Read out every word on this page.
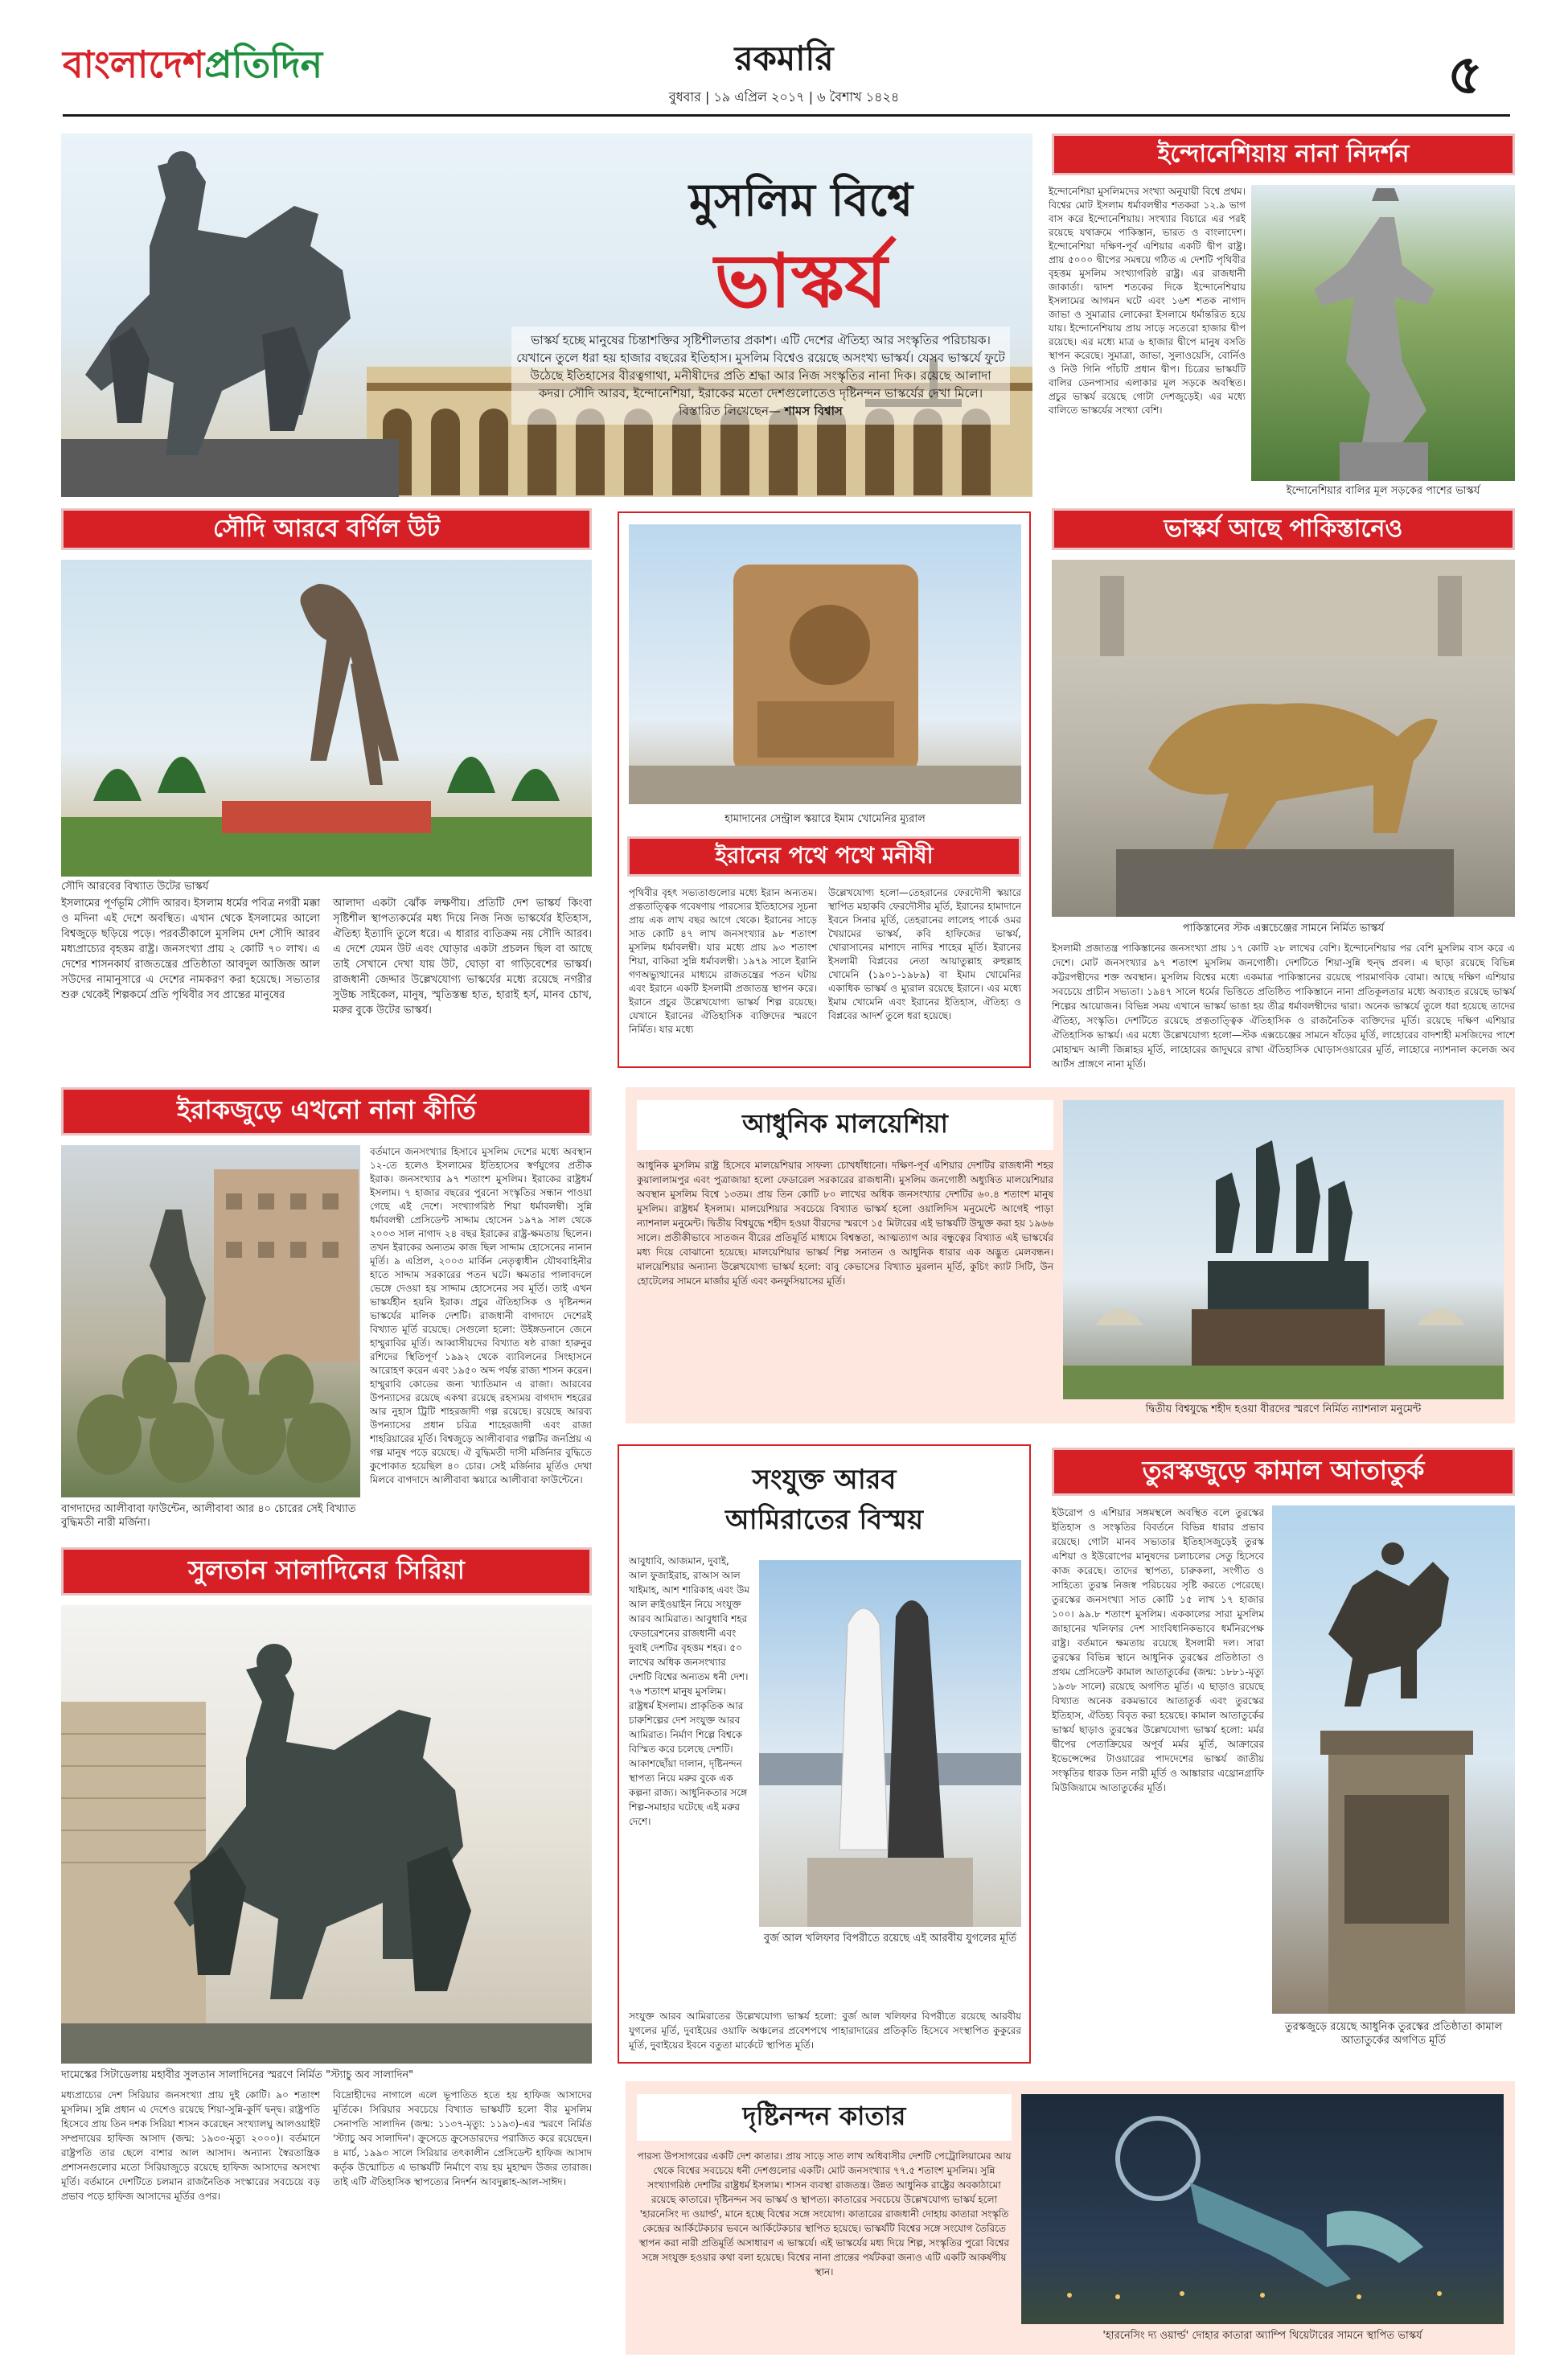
বাংলাদেশপ্রতিদিন	রকমারি
বুধবার | ১৯ এপ্রিল ২০১৭ | ৬ বৈশাখ ১৪২৪	৫
মুসলিম বিশ্বে
ভাস্কর্য
ভাস্কর্য হচ্ছে মানুষের চিন্তাশক্তির সৃষ্টিশীলতার প্রকাশ। এটি দেশের ঐতিহ্য আর সংস্কৃতির পরিচায়ক। যেখানে তুলে ধরা হয় হাজার বছরের ইতিহাস। মুসলিম বিশ্বেও রয়েছে অসংখ্য ভাস্কর্য। যেসব ভাস্কর্যে ফুটে উঠেছে ইতিহাসের বীরত্বগাথা, মনীষীদের প্রতি শ্রদ্ধা আর নিজ সংস্কৃতির নানা দিক। রয়েছে আলাদা কদর। সৌদি আরব, ইন্দোনেশিয়া, ইরাকের মতো দেশগুলোতেও দৃষ্টিনন্দন ভাস্কর্যের দেখা মিলে। বিস্তারিত লিখেছেন— শামস বিশ্বাস
ইন্দোনেশিয়ায় নানা নিদর্শন
ইন্দোনেশিয়া মুসলিমদের সংখ্যা অনুযায়ী বিশ্বে প্রথম। বিশ্বের মোট ইসলাম ধর্মাবলম্বীর শতকরা ১২.৯ ভাগ বাস করে ইন্দোনেশিয়ায়। সংখ্যার বিচারে এর পরই রয়েছে যথাক্রমে পাকিস্তান, ভারত ও বাংলাদেশ। ইন্দোনেশিয়া দক্ষিণ-পূর্ব এশিয়ার একটি দ্বীপ রাষ্ট্র। প্রায় ৫০০০ দ্বীপের সমন্বয়ে গঠিত এ দেশটি পৃথিবীর বৃহত্তম মুসলিম সংখ্যাগরিষ্ঠ রাষ্ট্র। এর রাজধানী জাকার্তা। দ্বাদশ শতকের দিকে ইন্দোনেশিয়ায় ইসলামের আগমন ঘটে এবং ১৬শ শতক নাগাদ জাভা ও সুমাত্রার লোকেরা ইসলামে ধর্মান্তরিত হয়ে যায়। ইন্দোনেশিয়ায় প্রায় সাড়ে সতেরো হাজার দ্বীপ রয়েছে। এর মধ্যে মাত্র ৬ হাজার দ্বীপে মানুষ বসতি স্থাপন করেছে। সুমাত্রা, জাভা, সুলাওয়েসি, বোর্নিও ও নিউ গিনি পাঁচটি প্রধান দ্বীপ। চিত্রের ভাস্কর্যটি বালির ডেনপাসার এলাকার মূল সড়কে অবস্থিত। প্রচুর ভাস্কর্য রয়েছে গোটা দেশজুড়েই। এর মধ্যে বালিতে ভাস্কর্যের সংখ্যা বেশি।
ইন্দোনেশিয়ার বালির মূল সড়কের পাশের ভাস্কর্য
সৌদি আরবে বর্ণিল উট
সৌদি আরবের বিখ্যাত উটের ভাস্কর্য
ইসলামের পূর্ণভূমি সৌদি আরব। ইসলাম ধর্মের পবিত্র নগরী মক্কা ও মদিনা এই দেশে অবস্থিত। এখান থেকে ইসলামের আলো বিশ্বজুড়ে ছড়িয়ে পড়ে। পরবর্তীকালে মুসলিম দেশ সৌদি আরব মধ্যপ্রাচ্যের বৃহত্তম রাষ্ট্র। জনসংখ্যা প্রায় ২ কোটি ৭০ লাখ। এ দেশের শাসনকার্য রাজতন্ত্রের প্রতিষ্ঠাতা আবদুল আজিজ আল সউদের নামানুসারে এ দেশের নামকরণ করা হয়েছে। সভ্যতার শুরু থেকেই শিল্পকর্মে প্রতি পৃথিবীর সব প্রান্তের মানুষের
আলাদা একটা ঝোঁক লক্ষণীয়। প্রতিটি দেশ ভাস্কর্য কিংবা সৃষ্টিশীল স্থাপত্যকর্মের মধ্য দিয়ে নিজ নিজ ভাস্কর্যের ইতিহাস, ঐতিহ্য ইত্যাদি তুলে ধরে। এ ধারার ব্যতিক্রম নয় সৌদি আরব। এ দেশে যেমন উট এবং ঘোড়ার একটা প্রচলন ছিল বা আছে তাই সেখানে দেখা যায় উট, ঘোড়া বা গাড়িবেশের ভাস্কর্য। রাজধানী জেদ্দার উল্লেখযোগ্য ভাস্কর্যের মধ্যে রয়েছে নগরীর সুউচ্চ সাইকেল, মানুষ, স্মৃতিস্তম্ভ হাত, হারাই হর্স, মানব চোখ, মরুর বুকে উটের ভাস্কর্য।
হামাদানের সেন্ট্রাল স্কয়ারে ইমাম খোমেনির ম্যুরাল
ইরানের পথে পথে মনীষী
পৃথিবীর বৃহৎ সভ্যতাগুলোর মধ্যে ইরান অন্যতম। প্রত্নতাত্ত্বিক গবেষণায় পারস্যের ইতিহাসের সূচনা প্রায় এক লাখ বছর আগে থেকে। ইরানের সাড়ে সাত কোটি ৪৭ লাখ জনসংখ্যার ৯৮ শতাংশ মুসলিম ধর্মাবলম্বী। যার মধ্যে প্রায় ৯৩ শতাংশ শিয়া, বাকিরা সুন্নি ধর্মাবলম্বী। ১৯৭৯ সালে ইরানি গণঅভ্যুত্থানের মাধ্যমে রাজতন্ত্রের পতন ঘটায় এবং ইরানে একটি ইসলামী প্রজাতন্ত্র স্থাপন করে। ইরানে প্রচুর উল্লেখযোগ্য ভাস্কর্য শিল্প রয়েছে। যেখানে ইরানের ঐতিহাসিক ব্যক্তিদের স্মরণে নির্মিত। যার মধ্যে
উল্লেখযোগ্য হলো—তেহরানের ফেরদৌসী স্কয়ারে স্থাপিত মহাকবি ফেরদৌসীর মূর্তি, ইরানের হামাদানে ইবনে সিনার মূর্তি, তেহরানের লালেহ পার্কে ওমর খৈয়ামের ভাস্কর্য, কবি হাফিজের ভাস্কর্য, খোরাসানের মাশাদে নাদির শাহের মূর্তি। ইরানের ইসলামী বিপ্লবের নেতা আয়াতুল্লাহ রুহুল্লাহ খোমেনি (১৯০১-১৯৮৯) বা ইমাম খোমেনির একাধিক ভাস্কর্য ও ম্যুরাল রয়েছে ইরানে। এর মধ্যে ইমাম খোমেনি এবং ইরানের ইতিহাস, ঐতিহ্য ও বিপ্লবের আদর্শ তুলে ধরা হয়েছে।
ভাস্কর্য আছে পাকিস্তানেও
পাকিস্তানের স্টক এক্সচেঞ্জের সামনে নির্মিত ভাস্কর্য
ইসলামী প্রজাতন্ত্র পাকিস্তানের জনসংখ্যা প্রায় ১৭ কোটি ২৮ লাখের বেশি। ইন্দোনেশিয়ার পর বেশি মুসলিম বাস করে এ দেশে। মোট জনসংখ্যার ৯৭ শতাংশ মুসলিম জনগোষ্ঠী। দেশটিতে শিয়া-সুন্নি হুন্দ্ব প্রবল। এ ছাড়া রয়েছে বিভিন্ন কট্টরপন্থীদের শক্ত অবস্থান। মুসলিম বিশ্বের মধ্যে একমাত্র পাকিস্তানের রয়েছে পারমাণবিক বোমা। আছে দক্ষিণ এশিয়ার সবচেয়ে প্রাচীন সভ্যতা। ১৯৪৭ সালে ধর্মের ভিত্তিতে প্রতিষ্ঠিত পাকিস্তানে নানা প্রতিকূলতার মধ্যে অব্যাহত রয়েছে ভাস্কর্য শিল্পের আয়োজন। বিভিন্ন সময় এখানে ভাস্কর্য ভাঙা হয় তীব্র ধর্মাবলম্বীদের দ্বারা। অনেক ভাস্কর্যে তুলে ধরা হয়েছে তাদের ঐতিহ্য, সংস্কৃতি। দেশটিতে রয়েছে প্রত্নতাত্ত্বিক ঐতিহাসিক ও রাজনৈতিক ব্যক্তিদের মূর্তি। রয়েছে দক্ষিণ এশিয়ার ঐতিহাসিক ভাস্কর্য। এর মধ্যে উল্লেখযোগ্য হলো—স্টক এক্সচেঞ্জের সামনে ষাঁড়ের মূর্তি, লাহোরের বাদশাহী মসজিদের পাশে মোহাম্মদ আলী জিন্নাহর মূর্তি, লাহোরের জাদুঘরে রাখা ঐতিহাসিক ঘোড়াসওয়ারের মূর্তি, লাহোরে ন্যাশনাল কলেজ অব আর্টস প্রাঙ্গণে নানা মূর্তি।
ইরাকজুড়ে এখনো নানা কীর্তি
বাগদাদের আলীবাবা ফাউন্টেন, আলীবাবা আর ৪০ চোরের সেই বিখ্যাত বুদ্ধিমতী নারী মর্জিনা।
বর্তমানে জনসংখ্যার হিসাবে মুসলিম দেশের মধ্যে অবস্থান ১২-তে হলেও ইসলামের ইতিহাসের স্বর্ণযুগের প্রতীক ইরাক। জনসংখ্যার ৯৭ শতাংশ মুসলিম। ইরাকের রাষ্ট্রধর্ম ইসলাম। ৭ হাজার বছরের পুরনো সংস্কৃতির সন্ধান পাওয়া গেছে এই দেশে। সংখ্যাগরিষ্ঠ শিয়া ধর্মাবলম্বী। সুন্নি ধর্মাবলম্বী প্রেসিডেন্ট সাদ্দাম হোসেন ১৯৭৯ সাল থেকে ২০০৩ সাল নাগাদ ২৪ বছর ইরাকের রাষ্ট্র-ক্ষমতায় ছিলেন। তখন ইরাকের অন্যতম কাজ ছিল সাদ্দাম হোসেনের নানান মূর্তি। ৯ এপ্রিল, ২০০৩ মার্কিন নেতৃত্বাধীন যৌথবাহিনীর হাতে সাদ্দাম সরকারের পতন ঘটে। ক্ষমতার পালাবদলে ভেঙ্গে দেওয়া হয় সাদ্দাম হোসেনের সব মূর্তি। তাই এখন ভাস্কর্যহীন হয়নি ইরাক। প্রচুর ঐতিহাসিক ও দৃষ্টিনন্দন ভাস্কর্যের মালিক দেশটি। রাজধানী বাগদাদে দেশেরই বিখ্যাত মূর্তি রয়েছে। সেগুলো হলো: উইঙ্গডনানে জেনে হাম্মুরাবির মূর্তি। আব্বাসীয়দের বিখ্যাত ষষ্ঠ রাজা হারুনুর রশিদের স্থিতিপূর্ণ ১৯৯২ থেকে ব্যাবিলনের সিংহাসনে আরোহণ করেন এবং ১৯৫০ অব্দ পর্যন্ত রাজ্য শাসন করেন। হাম্মুরাবি কোডের জন্য খ্যাতিমান এ রাজা। আরবের উপন্যাসের রয়েছে একথা রয়েছে রহস্যময় বাগদাদ শহরের আর নুহাস ট্রিটি শাহরজাদী গল্প রয়েছে। রয়েছে আরব্য উপন্যাসের প্রধান চরিত্র শাহেরজাদী এবং রাজা শাহরিয়ারের মূর্তি। বিশ্বজুড়ে আলীবাবার গল্পটির জনপ্রিয় এ গল্প মানুষ পড়ে রয়েছে। ঐ বুদ্ধিমতী দাসী মর্জিনার বুদ্ধিতে কুপোকাত হয়েছিল ৪০ চোর। সেই মর্জিনার মূর্তিও দেখা মিলবে বাগদাদে আলীবাবা স্কয়ারে আলীবাবা ফাউন্টেনে।
আধুনিক মালয়েশিয়া
আধুনিক মুসলিম রাষ্ট্র হিসেবে মালয়েশিয়ার সাফল্য চোখধাঁধানো। দক্ষিণ-পূর্ব এশিয়ার দেশটির রাজধানী শহর কুয়ালালামপুর এবং পুত্রাজায়া হলো ফেডারেল সরকারের রাজধানী। মুসলিম জনগোষ্ঠী অধ্যুষিত মালয়েশিয়ার অবস্থান মুসলিম বিশ্বে ১৩তম। প্রায় তিন কোটি ৮০ লাখের অধিক জনসংখ্যার দেশটির ৬০.৪ শতাংশ মানুষ মুসলিম। রাষ্ট্রধর্ম ইসলাম। মালয়েশিয়ার সবচেয়ে বিখ্যাত ভাস্কর্য হলো ওয়ালিদিস মনুমেন্টে আগেই পাড়া ন্যাশনাল মনুমেন্ট। দ্বিতীয় বিশ্বযুদ্ধে শহীদ হওয়া বীরদের স্মরণে ১৫ মিটারের এই ভাস্কর্যটি উন্মুক্ত করা হয় ১৯৬৬ সালে। প্রতীকীভাবে সাতজন বীরের প্রতিমূর্তি মাধ্যমে বিশ্বস্ততা, আত্মত্যাগ আর বন্ধুত্বের বিখ্যাত এই ভাস্কর্যের মধ্য দিয়ে বোঝানো হয়েছে। মালয়েশিয়ার ভাস্কর্য শিল্প সনাতন ও আধুনিক ধারার এক অদ্ভুত মেলবন্ধন। মালয়েশিয়ার অন্যান্য উল্লেখযোগ্য ভাস্কর্য হলো: বাবু কেভাসের বিখ্যাত মুরলান মূর্তি, কুচিং ক্যাট সিটি, উন হোটেলের সামনে মার্জার মূর্তি এবং কনফুসিয়াসের মূর্তি।
দ্বিতীয় বিশ্বযুদ্ধে শহীদ হওয়া বীরদের স্মরণে নির্মিত ন্যাশনাল মনুমেন্ট
সংযুক্ত আরব
আমিরাতের বিস্ময়
আবুধাবি, আজমান, দুবাই, আল ফুজাইরাহ, রাআস আল খাইমাহ, আশ শারিকাহ এবং উম আল ক্বাইওয়াইন নিয়ে সংযুক্ত আরব আমিরাত। আবুধাবি শহর ফেডারেশনের রাজধানী এবং দুবাই দেশটির বৃহত্তম শহর। ৫০ লাখের অধিক জনসংখ্যার দেশটি বিশ্বের অন্যতম ধনী দেশ। ৭৬ শতাংশ মানুষ মুসলিম। রাষ্ট্রধর্ম ইসলাম। প্রাকৃতিক আর চারুশিল্পের দেশ সংযুক্ত আরব আমিরাত। নির্মাণ শিল্পে বিশ্বকে বিস্মিত করে চলেছে দেশটি। আকাশছোঁয়া দালান, দৃষ্টিনন্দন স্থাপত্য নিয়ে মরুর বুকে এক কল্পনা রাজ্য। আধুনিকতার সঙ্গে শিল্প-সমাহার ঘটেছে এই মরুর দেশে।
বুর্জ আল খলিফার বিপরীতে রয়েছে এই আরবীয় যুগলের মূর্তি
সংযুক্ত আরব আমিরাতের উল্লেখযোগ্য ভাস্কর্য হলো: বুর্জ আল খলিফার বিপরীতে রয়েছে আরবীয় যুগলের মূর্তি, দুবাইয়ের ওয়াফি অঞ্চলের প্রবেশপথে পাহারাদারের প্রতিকৃতি হিসেবে সংস্থাপিত কুকুরের মূর্তি, দুবাইয়ের ইবনে বতুতা মার্কেটে স্থাপিত মূর্তি।
তুরস্কজুড়ে কামাল আতাতুর্ক
ইউরোপ ও এশিয়ার সঙ্গমস্থলে অবস্থিত বলে তুরস্কের ইতিহাস ও সংস্কৃতির বিবর্তনে বিভিন্ন ধারার প্রভাব রয়েছে। গোটা মানব সভ্যতার ইতিহাসজুড়েই তুরস্ক এশিয়া ও ইউরোপের মানুষদের চলাচলের সেতু হিসেবে কাজ করেছে। তাদের স্থাপত্য, চারুকলা, সংগীত ও সাহিত্যে তুরস্ক নিজস্ব পরিচয়ের সৃষ্টি করতে পেরেছে। তুরস্কের জনসংখ্যা সাত কোটি ১৫ লাখ ১৭ হাজার ১০০। ৯৯.৮ শতাংশ মুসলিম। এককালের সারা মুসলিম জাহানের খলিফার দেশ সাংবিধানিকভাবে ধর্মনিরপেক্ষ রাষ্ট্র। বর্তমানে ক্ষমতায় রয়েছে ইসলামী দল। সারা তুরস্কের বিভিন্ন স্থানে আধুনিক তুরস্কের প্রতিষ্ঠাতা ও প্রথম প্রেসিডেন্ট কামাল আতাতুর্কের (জন্ম: ১৮৮১-মৃত্যু ১৯৩৮ সালে) রয়েছে অগণিত মূর্তি। এ ছাড়াও রয়েছে বিখ্যাত অনেক রকমভাবে আতাতুর্ক এবং তুরস্কের ইতিহাস, ঐতিহ্য বিবৃত করা হয়েছে। কামাল আতাতুর্কের ভাস্কর্য ছাড়াও তুরস্কের উল্লেখযোগ্য ভাস্কর্য হলো: মর্মর দ্বীপের পেতাক্রিয়ের অপূর্ব মর্মর মূর্তি, আক্রারের ইভেন্সেন্সের টাওয়ারের পাদদেশের ভাস্কর্য জাতীয় সংস্কৃতির ধারক তিন নারী মূর্তি ও আঙ্কারার এথ্রোনগ্রাফি মিউজিয়ামে আতাতুর্কের মূর্তি।
তুরস্কজুড়ে রয়েছে আধুনিক তুরস্কের প্রতিষ্ঠাতা কামাল আতাতুর্কের অগণিত মূর্তি
সুলতান সালাদিনের সিরিয়া
দামেস্কের সিটাডেলায় মহাবীর সুলতান সালাদিনের স্মরণে নির্মিত "স্ট্যাচু অব সালাদিন"
মধ্যপ্রাচ্যের দেশ সিরিয়ার জনসংখ্যা প্রায় দুই কোটি। ৯০ শতাংশ মুসলিম। সুন্নি প্রধান এ দেশেও রয়েছে শিয়া-সুন্নি-কুর্দি দ্বন্দ্ব। রাষ্ট্রপতি হিসেবে প্রায় তিন দশক সিরিয়া শাসন করেছেন সংখ্যালঘু আলওয়াইট সম্প্রদায়ের হাফিজ আসাদ (জন্ম: ১৯৩০-মৃত্যু ২০০০)। বর্তমানে রাষ্ট্রপতি তার ছেলে বাশার আল আসাদ। অন্যান্য স্বৈরতান্ত্রিক প্রশাসনগুলোর মতো সিরিয়াজুড়ে রয়েছে হাফিজ আসাদের অসংখ্য মূর্তি। বর্তমানে দেশটিতে চলমান রাজনৈতিক সংস্কারের সবচেয়ে বড় প্রভাব পড়ে হাফিজ আসাদের মূর্তির ওপর।
বিদ্রোহীদের নাগালে এলে ভূপাতিত হতে হয় হাফিজ আসাদের মূর্তিকে। সিরিয়ার সবচেয়ে বিখ্যাত ভাস্কর্যটি হলো বীর মুসলিম সেনাপতি সালাদিন (জন্ম: ১১৩৭-মৃত্যু: ১১৯৩)-এর স্মরণে নির্মিত 'স্ট্যাচু অব সালাদিন'। ক্রুসেডে ক্রুসেডারদের পরাজিত করে রয়েছেন। ৪ মার্চ, ১৯৯৩ সালে সিরিয়ার তৎকালীন প্রেসিডেন্ট হাফিজ আসাদ কর্তৃক উন্মোচিত এ ভাস্কর্যটি নির্মাণে ব্যয় হয় মুহাম্মদ উজর তারাজ। তাই এটি ঐতিহাসিক স্থাপত্যের নিদর্শন আবদুল্লাহ-আল-সাঈদ।
দৃষ্টিনন্দন কাতার
পারস্য উপসাগরের একটি দেশ কাতার। প্রায় সাড়ে সাত লাখ অধিবাসীর দেশটি পেট্রোলিয়ামের আয় থেকে বিশ্বের সবচেয়ে ধনী দেশগুলোর একটি। মোট জনসংখ্যার ৭৭.৫ শতাংশ মুসলিম। সুন্নি সংখ্যাগরিষ্ঠ দেশটির রাষ্ট্রধর্ম ইসলাম। শাসন ব্যবস্থা রাজতন্ত্র। উন্নত আধুনিক রাষ্ট্রের অবকাঠামো রয়েছে কাতারে। দৃষ্টিনন্দন সব ভাস্কর্য ও স্থাপত্য। কাতারের সবচেয়ে উল্লেখযোগ্য ভাস্কর্য হলো 'হারনেসিং দ্য ওয়ার্ল্ড', মানে হচ্ছে বিশ্বের সঙ্গে সংযোগ। কাতারের রাজধানী দোহায় কাতারা সংস্কৃতি কেন্দ্রের আর্কিটেকচার ভবনে আর্কিটেকচার স্থাপিত হয়েছে। ভাস্কর্যটি বিশ্বের সঙ্গে সংযোগ তৈরিতে স্থাপন করা নারী প্রতিমূর্তি অসাধারণ এ ভাস্কর্যে। এই ভাস্কর্যের মধ্য দিয়ে শিল্প, সংস্কৃতির পুরো বিশ্বের সঙ্গে সংযুক্ত হওয়ার কথা বলা হয়েছে। বিশ্বের নানা প্রান্তের পর্যটকরা জন্যও এটি একটি আকর্ষণীয় স্থান।
'হারনেসিং দ্য ওয়ার্ল্ড' দোহার কাতারা অ্যাম্পি থিয়েটারের সামনে স্থাপিত ভাস্কর্য
